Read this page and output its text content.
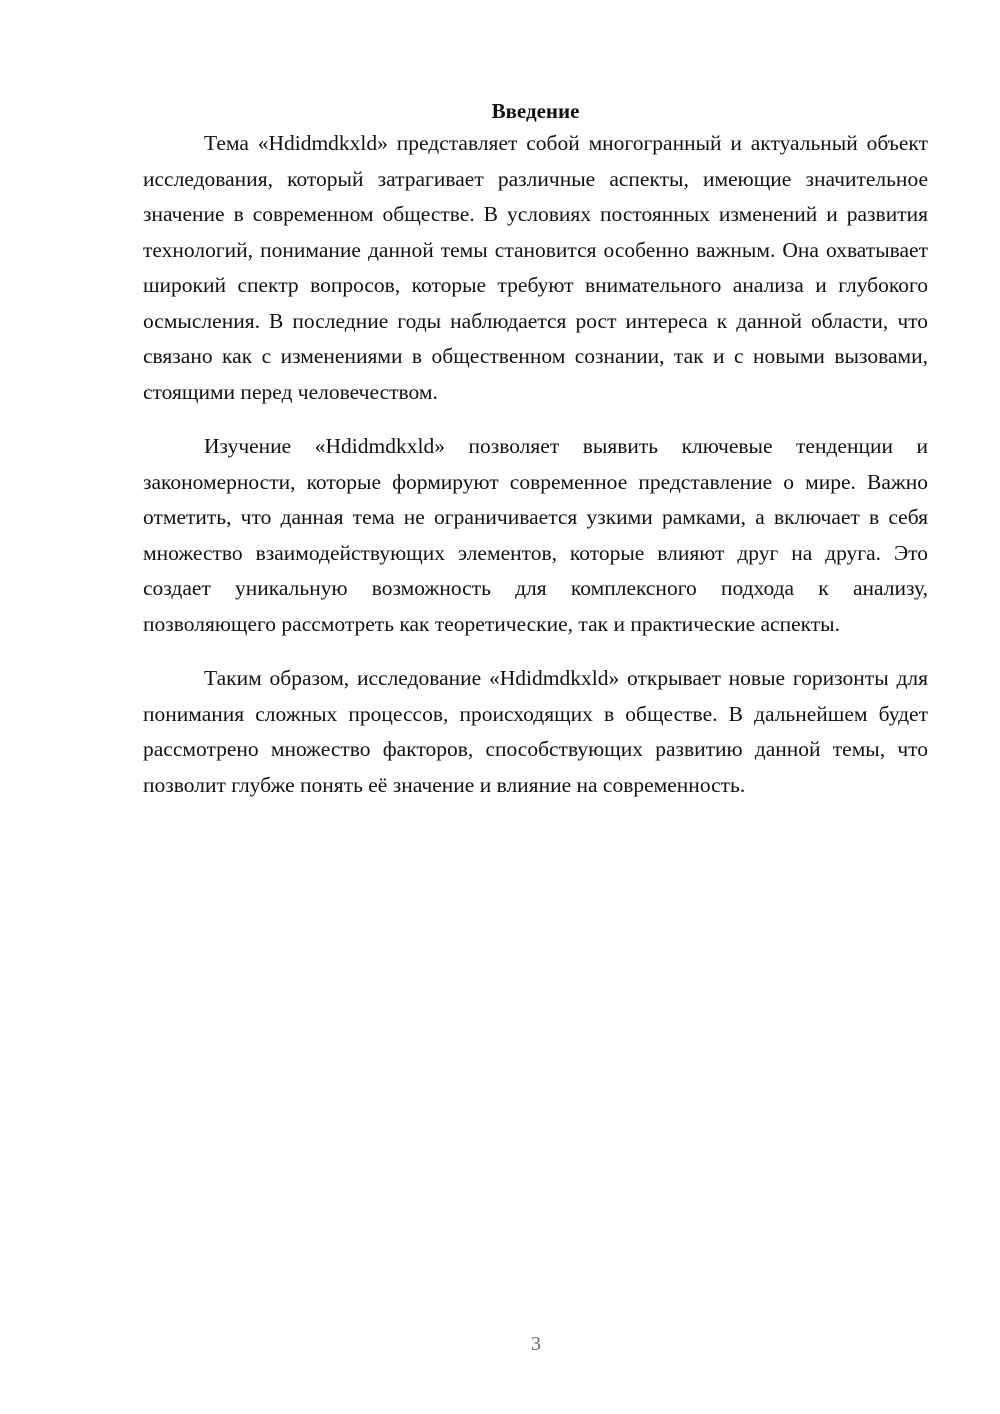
Введение

Тема «Hdidmdkxld» представляет собой многогранный и актуальный объект исследования, который затрагивает различные аспекты, имеющие значительное значение в современном обществе. В условиях постоянных изменений и развития технологий, понимание данной темы становится особенно важным. Она охватывает широкий спектр вопросов, которые требуют внимательного анализа и глубокого осмысления. В последние годы наблюдается рост интереса к данной области, что связано как с изменениями в общественном сознании, так и с новыми вызовами, стоящими перед человечеством.

Изучение «Hdidmdkxld» позволяет выявить ключевые тенденции и закономерности, которые формируют современное представление о мире. Важно отметить, что данная тема не ограничивается узкими рамками, а включает в себя множество взаимодействующих элементов, которые влияют друг на друга. Это создает уникальную возможность для комплексного подхода к анализу, позволяющего рассмотреть как теоретические, так и практические аспекты.

Таким образом, исследование «Hdidmdkxld» открывает новые горизонты для понимания сложных процессов, происходящих в обществе. В дальнейшем будет рассмотрено множество факторов, способствующих развитию данной темы, что позволит глубже понять её значение и влияние на современность.

3
